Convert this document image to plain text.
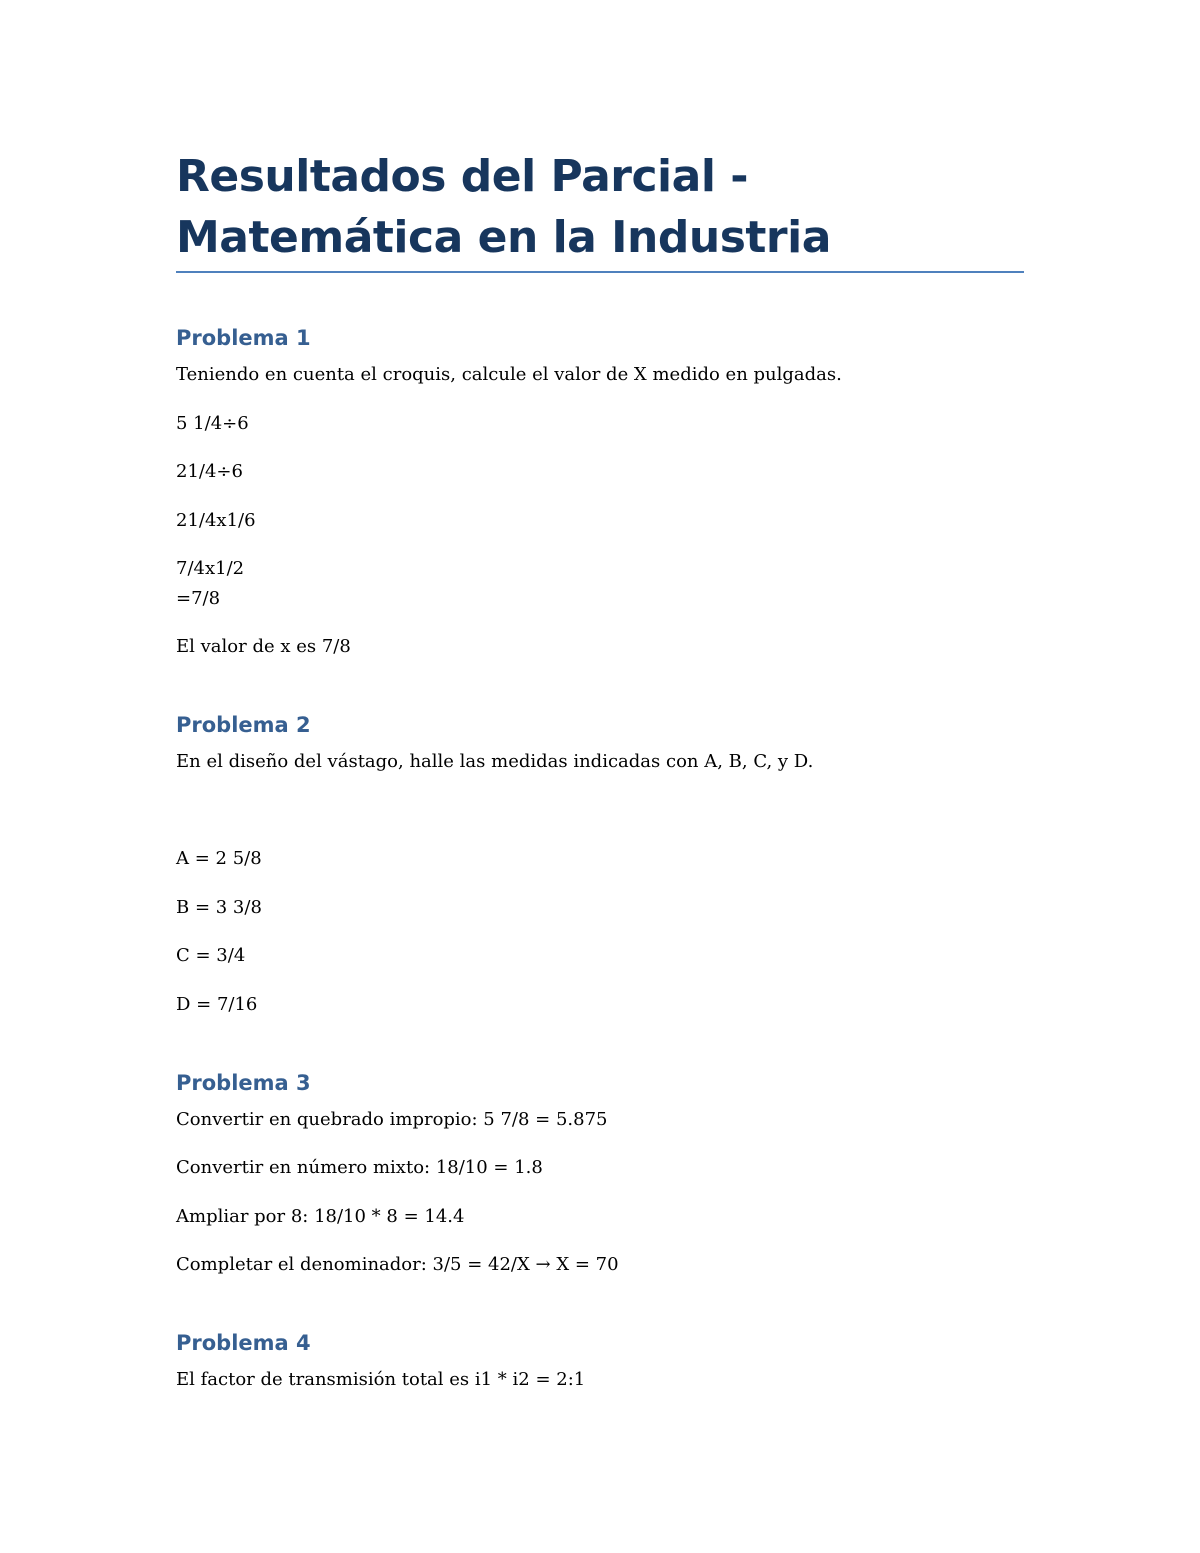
Resultados del Parcial - Matemática en la Industria
Problema 1

Teniendo en cuenta el croquis, calcule el valor de X medido en pulgadas.

5 1/4÷6

21/4÷6

21/4x1/6

7/4x1/2

=7/8

El valor de x es 7/8

Problema 2

En el diseño del vástago, halle las medidas indicadas con A, B, C, y D.

A = 2 5/8

B = 3 3/8

C = 3/4

D = 7/16

Problema 3

Convertir en quebrado impropio: 5 7/8 = 5.875

Convertir en número mixto: 18/10 = 1.8

Ampliar por 8: 18/10 * 8 = 14.4

Completar el denominador: 3/5 = 42/X → X = 70

Problema 4

El factor de transmisión total es i1 * i2 = 2:1
